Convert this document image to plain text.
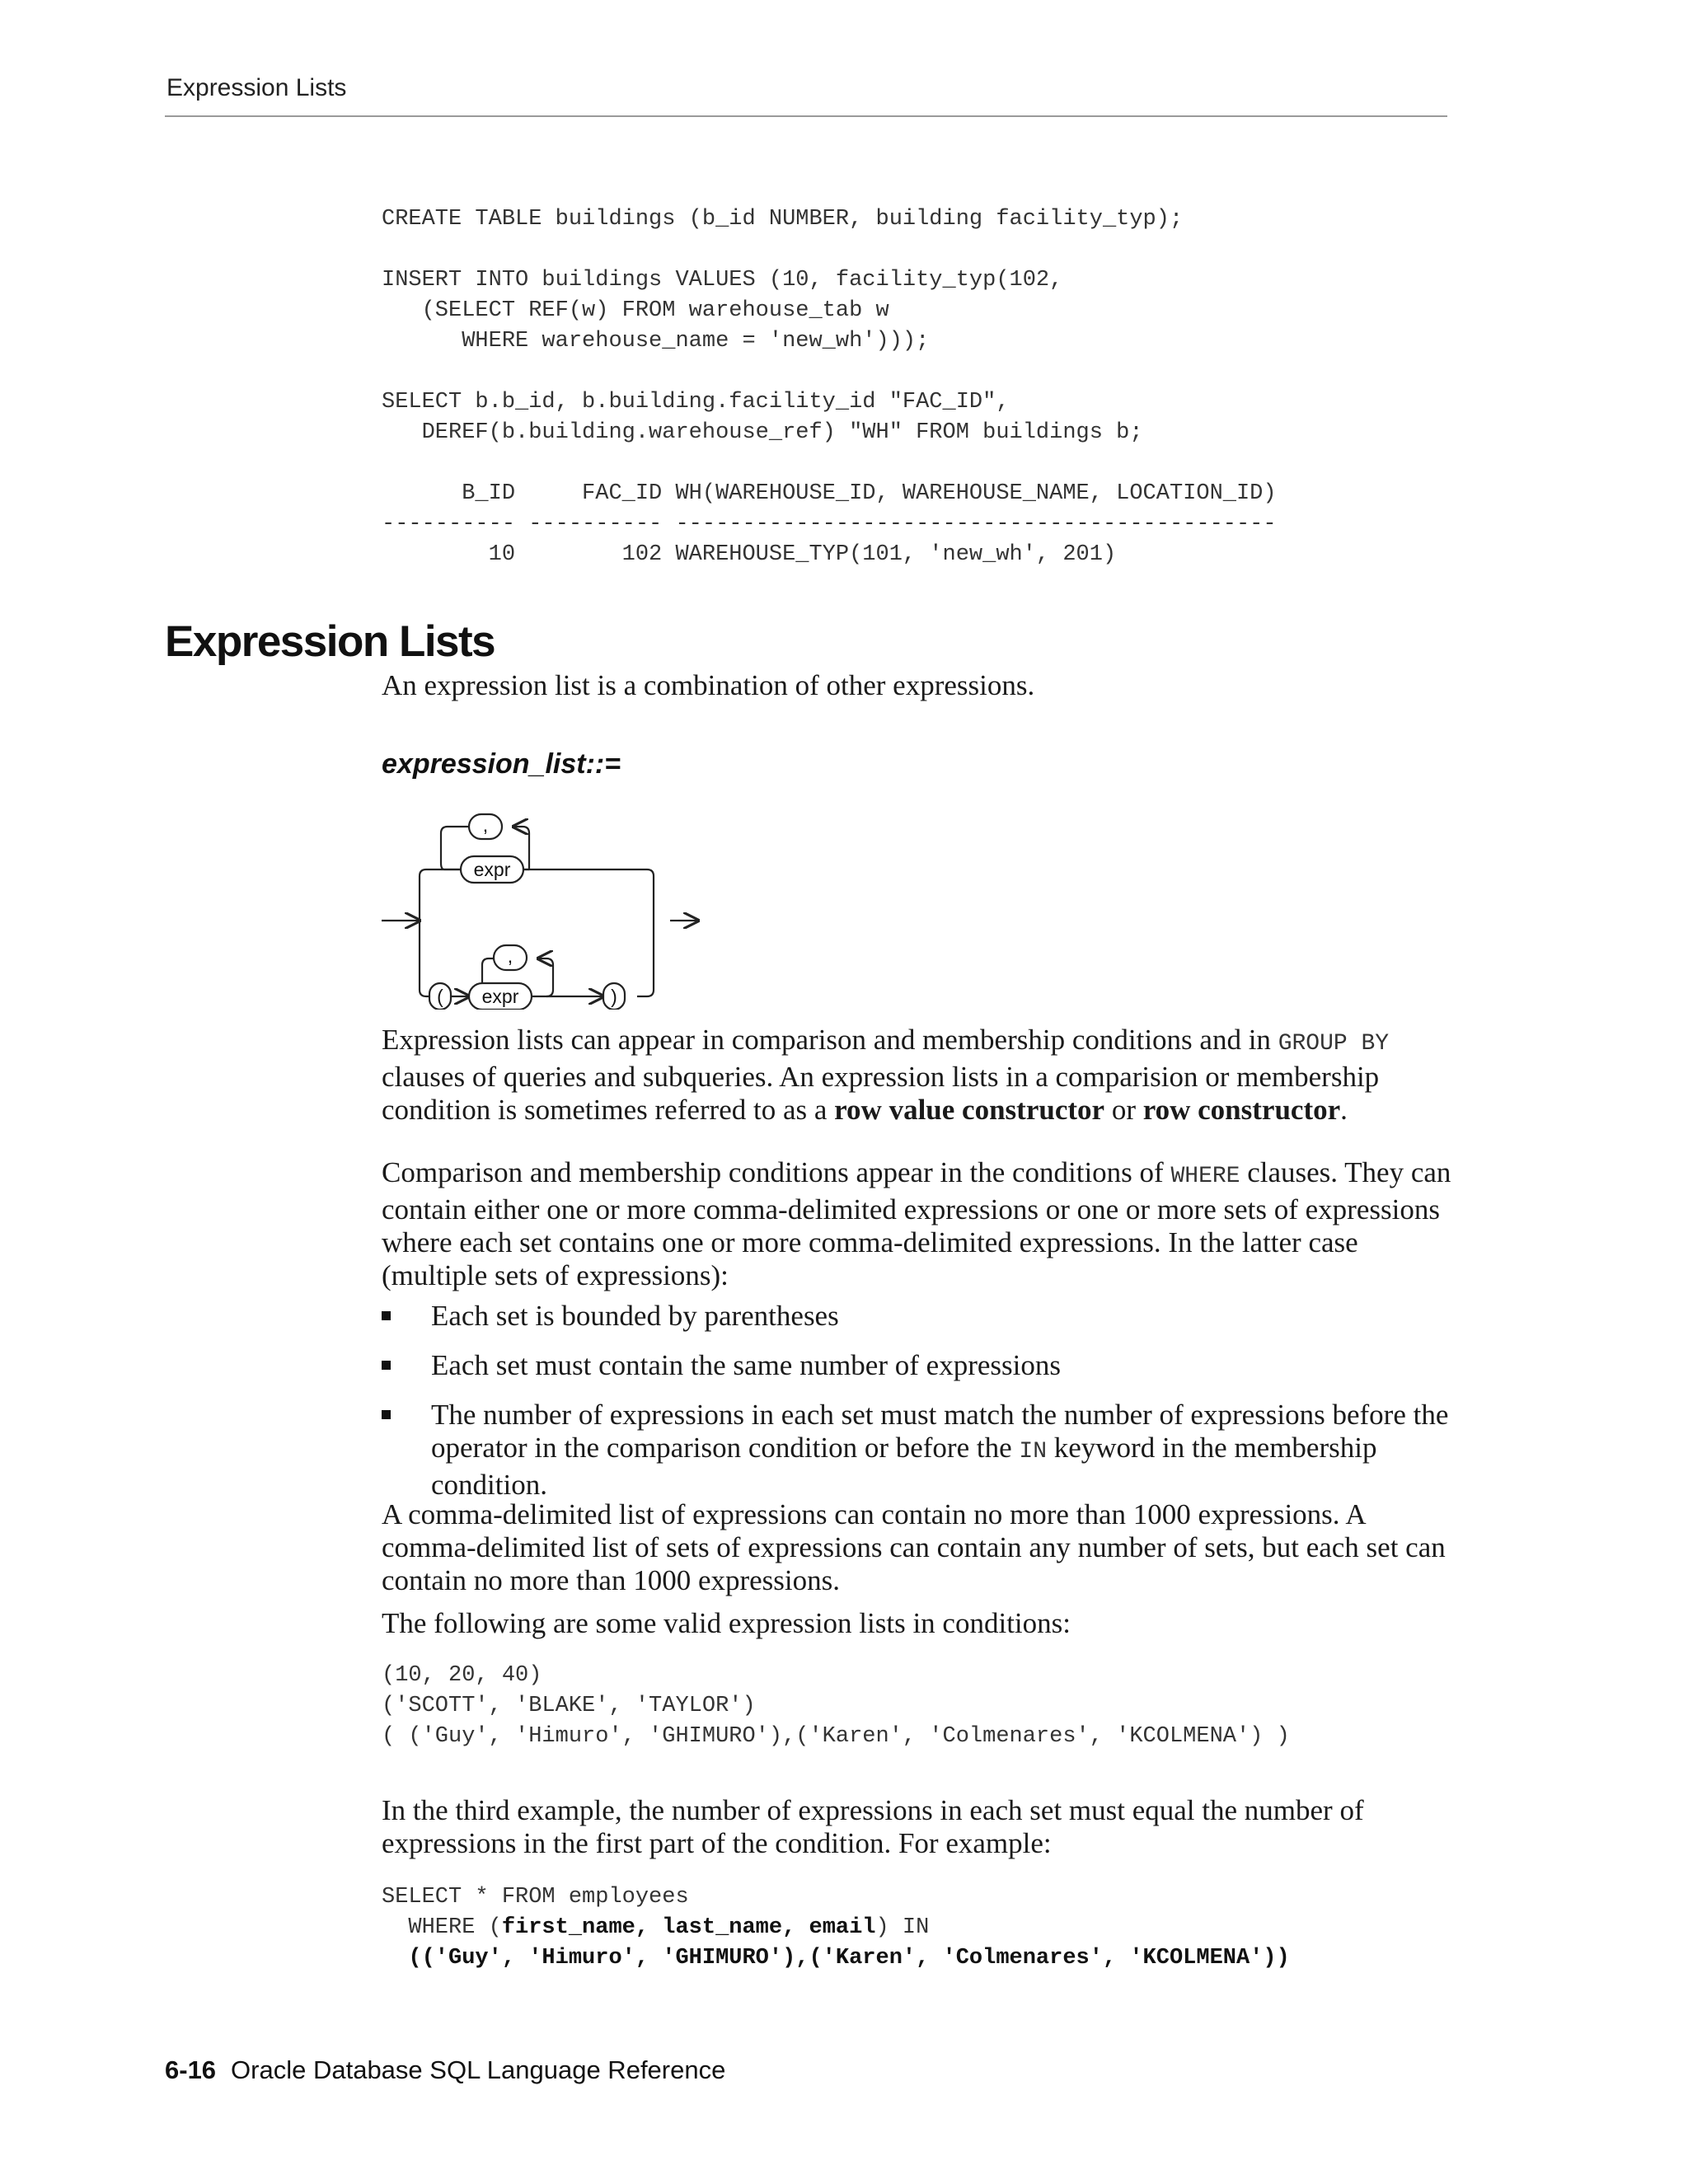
Expression Lists
CREATE TABLE buildings (b_id NUMBER, building facility_typ);

INSERT INTO buildings VALUES (10, facility_typ(102,
(SELECT REF(w) FROM warehouse_tab w
WHERE warehouse_name = 'new_wh')));

SELECT b.b_id, b.building.facility_id "FAC_ID",
DEREF(b.building.warehouse_ref) "WH" FROM buildings b;

B_ID     FAC_ID WH(WAREHOUSE_ID, WAREHOUSE_NAME, LOCATION_ID)
---------- ---------- ---------------------------------------------
10        102 WAREHOUSE_TYP(101, 'new_wh', 201)
Expression Lists

An expression list is a combination of other expressions.

expression_list::=
,
expr
(
,
expr	)

Expression lists can appear in comparison and membership conditions and in GROUP BY clauses of queries and subqueries. An expression lists in a comparision or membership condition is sometimes referred to as a row value constructor or row constructor.

Comparison and membership conditions appear in the conditions of WHERE clauses. They can contain either one or more comma-delimited expressions or one or more sets of expressions where each set contains one or more comma-delimited expressions. In the latter case (multiple sets of expressions):

Each set is bounded by parentheses
Each set must contain the same number of expressions
The number of expressions in each set must match the number of expressions before the operator in the comparison condition or before the IN keyword in the membership condition.

A comma-delimited list of expressions can contain no more than 1000 expressions. A comma-delimited list of sets of expressions can contain any number of sets, but each set can contain no more than 1000 expressions.

The following are some valid expression lists in conditions:

(10, 20, 40)
('SCOTT', 'BLAKE', 'TAYLOR')
( ('Guy', 'Himuro', 'GHIMURO'),('Karen', 'Colmenares', 'KCOLMENA') )

In the third example, the number of expressions in each set must equal the number of expressions in the first part of the condition. For example:

SELECT * FROM employees
WHERE (first_name, last_name, email) IN
(('Guy', 'Himuro', 'GHIMURO'),('Karen', 'Colmenares', 'KCOLMENA'))
6-16 Oracle Database SQL Language Reference
